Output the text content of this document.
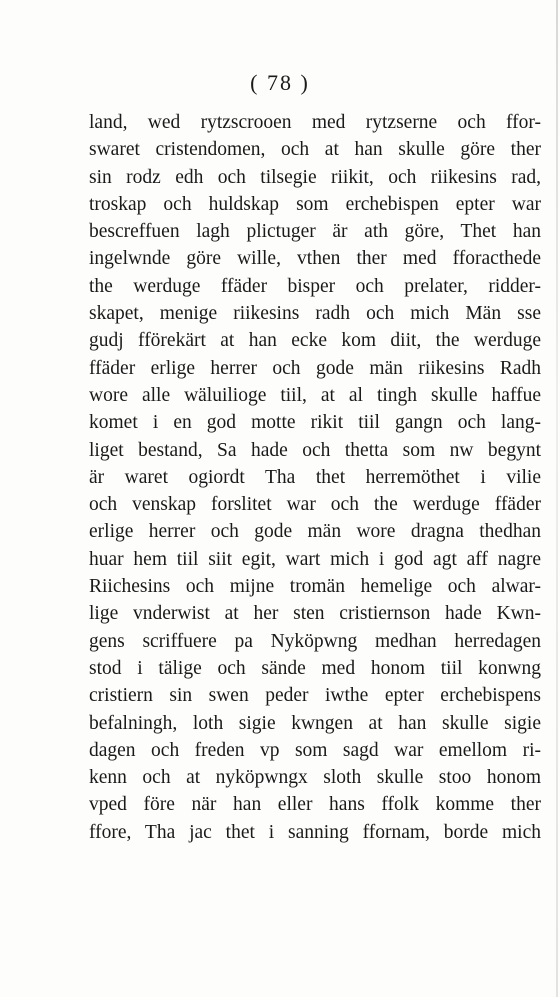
( 78 )
land, wed rytzscrooen med rytzserne och ffor-
swaret cristendomen, och at han skulle göre ther
sin rodz edh och tilsegie riikit, och riikesins rad,
troskap och huldskap som erchebispen epter war
bescreffuen lagh plictuger är ath göre, Thet han
ingelwnde göre wille, vthen ther med fforacthede
the werduge ffäder bisper och prelater, ridder-
skapet, menige riikesins radh och mich Män sse
gudj fförekärt at han ecke kom diit, the werduge
ffäder erlige herrer och gode män riikesins Radh
wore alle wäluilioge tiil, at al tingh skulle haffue
komet i en god motte rikit tiil gangn och lang-
liget bestand, Sa hade och thetta som nw begynt
är waret ogiordt Tha thet herremöthet i vilie
och venskap forslitet war och the werduge ffäder
erlige herrer och gode män wore dragna thedhan
huar hem tiil siit egit, wart mich i god agt aff nagre
Riichesins och mijne tromän hemelige och alwar-
lige vnderwist at her sten cristiernson hade Kwn-
gens scriffuere pa Nyköpwng medhan herredagen
stod i tälige och sände med honom tiil konwng
cristiern sin swen peder iwthe epter erchebispens
befalningh, loth sigie kwngen at han skulle sigie
dagen och freden vp som sagd war emellom ri-
kenn och at nyköpwngx sloth skulle stoo honom
vped före när han eller hans ffolk komme ther
ffore, Tha jac thet i sanning ffornam, borde mich
